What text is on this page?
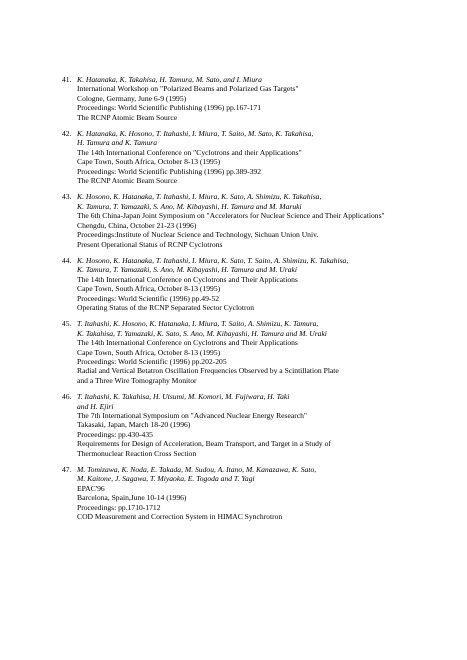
41. K. Hatanaka, K. Takahisa, H. Tamura, M. Sato, and I. Miura
International Workshop on "Polarized Beams and Polarized Gas Targets"
Cologne, Germany, June 6-9 (1995)
Proceedings: World Scientific Publishing (1996) pp.167-171
The RCNP Atomic Beam Source
42. K. Hatanaka, K. Hosono, T. Itahashi, I. Miura, T. Saito, M. Sato, K. Takahisa,
H. Tamura and K. Tamura
The 14th International Conference on "Cyclotrons and their Applications"
Cape Town, South Africa, October 8-13 (1995)
Proceedings: World Scientific Publishing (1996) pp.389-392
The RCNP Atomic Beam Source
43. K. Hosono, K. Hatanaka, T. Itahashi, I. Miura, K. Sato, A. Shimizu, K. Takahisa,
K. Tamura, T. Yamazaki, S. Ano, M. Kibayashi, H. Tamura and M. Maruki
The 6th China-Japan Joint Symposium on "Accelerators for Nuclear Science and Their Applications"
Chengdu, China, October 21-23 (1996)
Proceedings:Institute of Nuclear Science and Technology, Sichuan Union Univ.
Present Operational Status of RCNP Cyclotrons
44. K. Hosono, K. Hatanaka, T. Itahashi, I. Miura, K. Sato, T. Saito, A. Shimizu, K. Takahisa,
K. Tamura, T. Yamazaki, S. Ano, M. Kibayashi, H. Tamura and M. Uraki
The 14th International Conference on Cyclotrons and Their Applications
Cape Town, South Africa, October 8-13 (1995)
Proceedings: World Scientific (1996) pp.49-52
Operating Status of the RCNP Separated Sector Cyclotron
45. T. Itahashi, K. Hosono, K. Hatanaka, I. Miura, T. Saito, A. Shimizu, K. Tamura,
K. Takahisa, T. Yamazaki, K. Sato, S. Ano, M. Kibayashi, H. Tamura and M. Uraki
The 14th International Conference on Cyclotrons and Their Applications
Cape Town, South Africa, October 8-13 (1995)
Proceedings: World Scientific (1996) pp.202-205
Radial and Vertical Betatron Oscillation Frequencies Observed by a Scintillation Plate
and a Three Wire Tomography Monitor
46. T. Itahashi, K. Takahisa, H. Utsumi, M. Komori, M. Fujiwara, H. Taki
and H. Ejiri
The 7th International Symposium on "Advanced Nuclear Energy Research"
Takasaki, Japan, March 18-20 (1996)
Proceedings: pp.430-435
Requirements for Design of Acceleration, Beam Transport, and Target in a Study of
Thermonuclear Reaction Cross Section
47. M. Tomizawa, K. Noda, E. Takada, M. Sudou, A. Itano, M. Kanazawa, K. Sato,
M. Kaitone, J. Sagawa, T. Miyaoka, E. Togoda and T. Yagi
EPAC'96
Barcelona, Spain,June 10-14 (1996)
Proceedings: pp.1710-1712
COD Measurement and Correction System in HIMAC Synchrotron
